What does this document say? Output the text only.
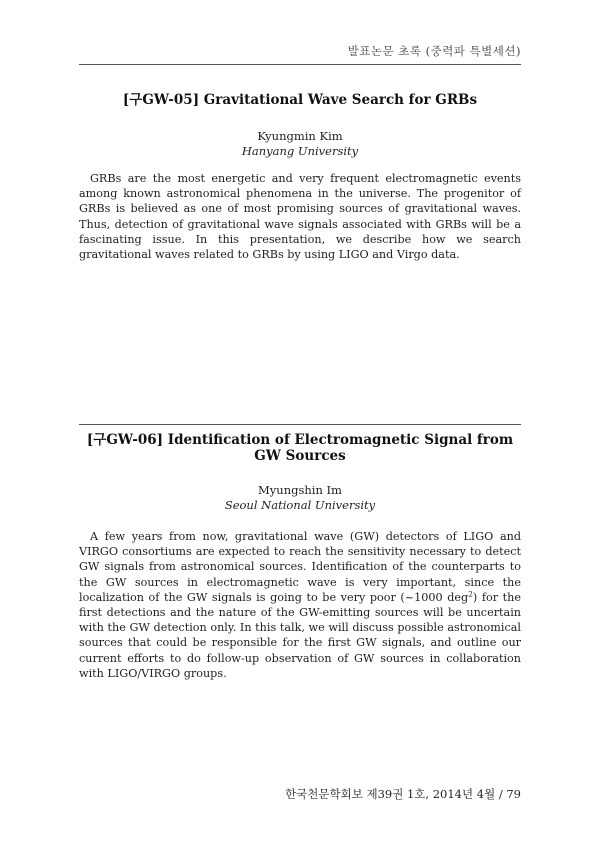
발표논문 초록 (중력파 특별세션)
[구GW-05] Gravitational Wave Search for GRBs

Kyungmin Kim

Hanyang University

GRBs are the most energetic and very frequent electromagnetic events among known astronomical phenomena in the universe. The progenitor of GRBs is believed as one of most promising sources of gravitational waves. Thus, detection of gravitational wave signals associated with GRBs will be a fascinating issue. In this presentation, we describe how we search gravitational waves related to GRBs by using LIGO and Virgo data.

[구GW-06] Identification of Electromagnetic Signal from GW Sources

Myungshin Im

Seoul National University

A few years from now, gravitational wave (GW) detectors of LIGO and VIRGO consortiums are expected to reach the sensitivity necessary to detect GW signals from astronomical sources. Identification of the counterparts to the GW sources in electromagnetic wave is very important, since the localization of the GW signals is going to be very poor (~1000 deg$^2$) for the first detections and the nature of the GW-emitting sources will be uncertain with the GW detection only. In this talk, we will discuss possible astronomical sources that could be responsible for the first GW signals, and outline our current efforts to do follow-up observation of GW sources in collaboration with LIGO/VIRGO groups.

한국천문학회보 제39권 1호, 2014년 4월 / 79
